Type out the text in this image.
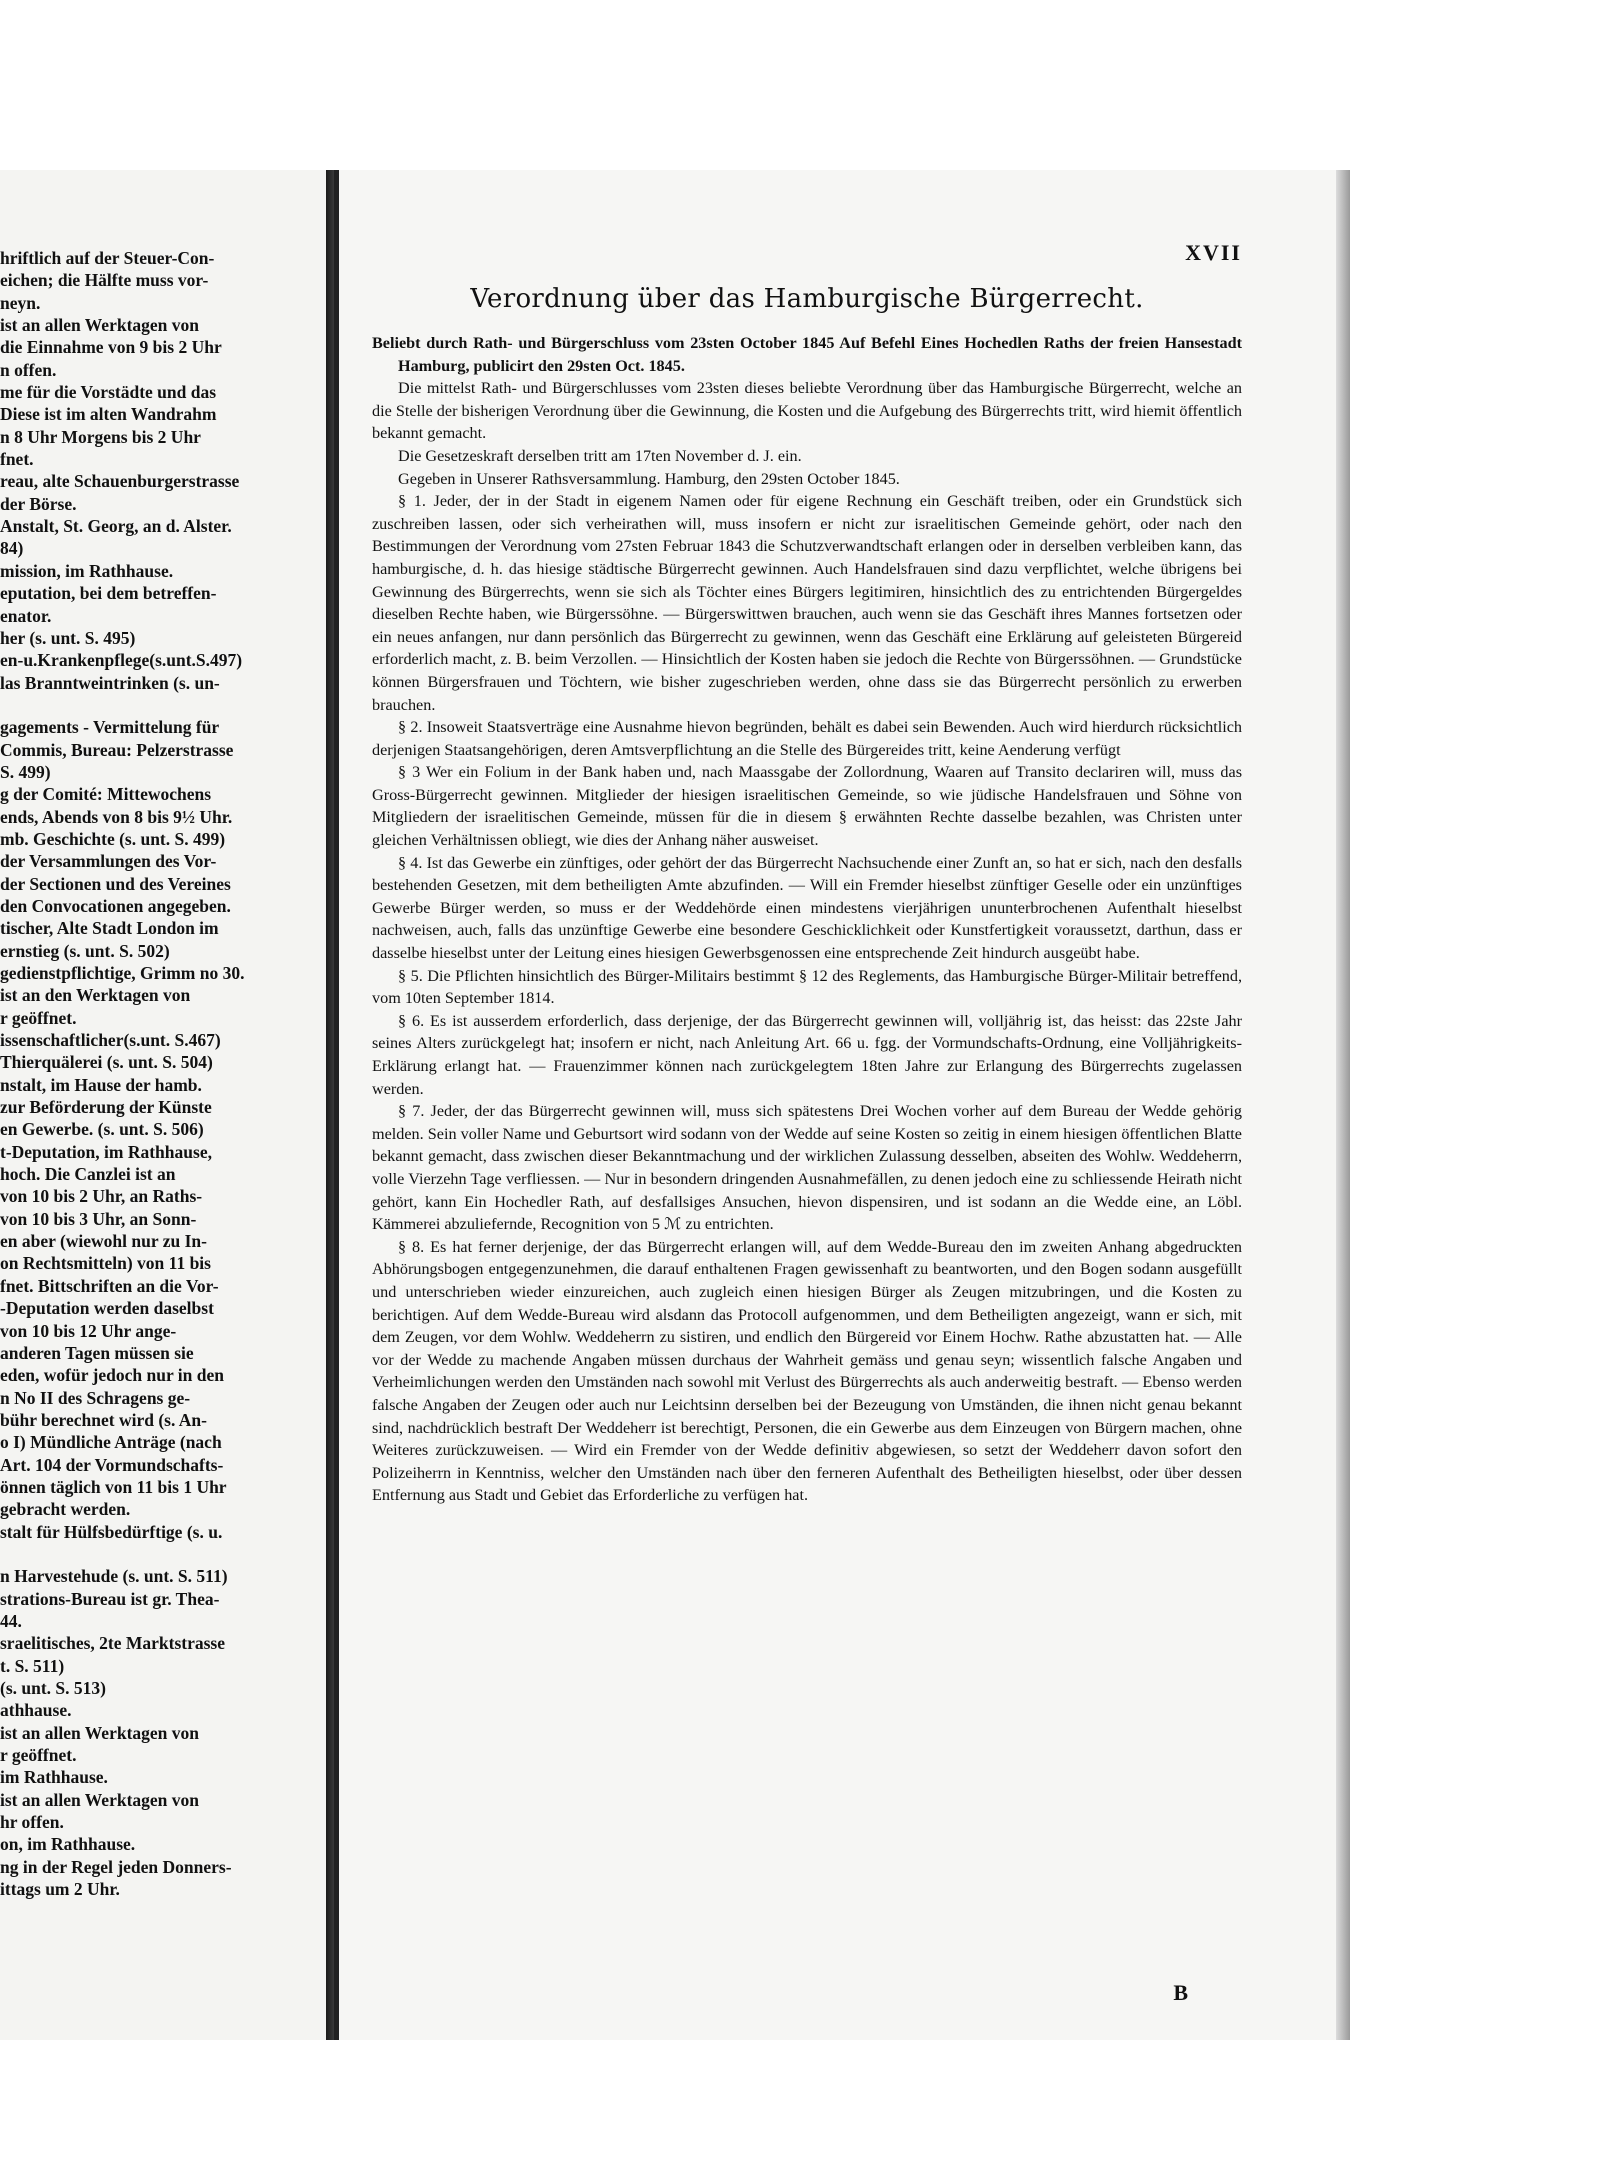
hriftlich auf der Steuer-Con-
eichen; die Hälfte muss vor-
neyn.
ist an allen Werktagen von
die Einnahme von 9 bis 2 Uhr
n offen.
me für die Vorstädte und das
Diese ist im alten Wandrahm
n 8 Uhr Morgens bis 2 Uhr
fnet.
reau, alte Schauenburgerstrasse
der Börse.
Anstalt, St. Georg, an d. Alster.
84)
mission, im Rathhause.
eputation, bei dem betreffen-
enator.
her (s. unt. S. 495)
en-u.Krankenpflege(s.unt.S.497)
las Branntweintrinken (s. un-

gagements - Vermittelung für
Commis, Bureau: Pelzerstrasse
S. 499)
g der Comité: Mittewochens
ends, Abends von 8 bis 9½ Uhr.
mb. Geschichte (s. unt. S. 499)
der Versammlungen des Vor-
der Sectionen und des Vereines
den Convocationen angegeben.
tischer, Alte Stadt London im
ernstieg (s. unt. S. 502)
gedienstpflichtige, Grimm no 30.
ist an den Werktagen von
r geöffnet.
issenschaftlicher(s.unt. S.467)
Thierquälerei (s. unt. S. 504)
nstalt, im Hause der hamb.
zur Beförderung der Künste
en Gewerbe. (s. unt. S. 506)
t-Deputation, im Rathhause,
hoch. Die Canzlei ist an
von 10 bis 2 Uhr, an Raths-
von 10 bis 3 Uhr, an Sonn-
en aber (wiewohl nur zu In-
on Rechtsmitteln) von 11 bis
fnet. Bittschriften an die Vor-
-Deputation werden daselbst
von 10 bis 12 Uhr ange-
anderen Tagen müssen sie
eden, wofür jedoch nur in den
n No II des Schragens ge-
bühr berechnet wird (s. An-
o I) Mündliche Anträge (nach
Art. 104 der Vormundschafts-
önnen täglich von 11 bis 1 Uhr
gebracht werden.
stalt für Hülfsbedürftige (s. u.

n Harvestehude (s. unt. S. 511)
strations-Bureau ist gr. Thea-
44.
sraelitisches, 2te Marktstrasse
t. S. 511)
(s. unt. S. 513)
athhause.
ist an allen Werktagen von
r geöffnet.
im Rathhause.
ist an allen Werktagen von
hr offen.
on, im Rathhause.
ng in der Regel jeden Donners-
ittags um 2 Uhr.
XVII
Verordnung über das Hamburgische Bürgerrecht.

Beliebt durch Rath- und Bürgerschluss vom 23sten October 1845 Auf Befehl Eines Hochedlen Raths der freien Hansestadt Hamburg, publicirt den 29sten Oct. 1845.

Die mittelst Rath- und Bürgerschlusses vom 23sten dieses beliebte Verordnung über das Hamburgische Bürgerrecht, welche an die Stelle der bisherigen Verordnung über die Gewinnung, die Kosten und die Aufgebung des Bürgerrechts tritt, wird hiemit öffentlich bekannt gemacht.

Die Gesetzeskraft derselben tritt am 17ten November d. J. ein.

Gegeben in Unserer Rathsversammlung. Hamburg, den 29sten October 1845.

§ 1. Jeder, der in der Stadt in eigenem Namen oder für eigene Rechnung ein Geschäft treiben, oder ein Grundstück sich zuschreiben lassen, oder sich verheirathen will, muss insofern er nicht zur israelitischen Gemeinde gehört, oder nach den Bestimmungen der Verordnung vom 27sten Februar 1843 die Schutzverwandtschaft erlangen oder in derselben verbleiben kann, das hamburgische, d. h. das hiesige städtische Bürgerrecht gewinnen. Auch Handelsfrauen sind dazu verpflichtet, welche übrigens bei Gewinnung des Bürgerrechts, wenn sie sich als Töchter eines Bürgers legitimiren, hinsichtlich des zu entrichtenden Bürgergeldes dieselben Rechte haben, wie Bürgerssöhne. — Bürgerswittwen brauchen, auch wenn sie das Geschäft ihres Mannes fortsetzen oder ein neues anfangen, nur dann persönlich das Bürgerrecht zu gewinnen, wenn das Geschäft eine Erklärung auf geleisteten Bürgereid erforderlich macht, z. B. beim Verzollen. — Hinsichtlich der Kosten haben sie jedoch die Rechte von Bürgerssöhnen. — Grundstücke können Bürgersfrauen und Töchtern, wie bisher zugeschrieben werden, ohne dass sie das Bürgerrecht persönlich zu erwerben brauchen.

§ 2. Insoweit Staatsverträge eine Ausnahme hievon begründen, behält es dabei sein Bewenden. Auch wird hierdurch rücksichtlich derjenigen Staatsangehörigen, deren Amtsverpflichtung an die Stelle des Bürgereides tritt, keine Aenderung verfügt

§ 3 Wer ein Folium in der Bank haben und, nach Maassgabe der Zollordnung, Waaren auf Transito declariren will, muss das Gross-Bürgerrecht gewinnen. Mitglieder der hiesigen israelitischen Gemeinde, so wie jüdische Handelsfrauen und Söhne von Mitgliedern der israelitischen Gemeinde, müssen für die in diesem § erwähnten Rechte dasselbe bezahlen, was Christen unter gleichen Verhältnissen obliegt, wie dies der Anhang näher ausweiset.

§ 4. Ist das Gewerbe ein zünftiges, oder gehört der das Bürgerrecht Nachsuchende einer Zunft an, so hat er sich, nach den desfalls bestehenden Gesetzen, mit dem betheiligten Amte abzufinden. — Will ein Fremder hieselbst zünftiger Geselle oder ein unzünftiges Gewerbe Bürger werden, so muss er der Weddehörde einen mindestens vierjährigen ununterbrochenen Aufenthalt hieselbst nachweisen, auch, falls das unzünftige Gewerbe eine besondere Geschicklichkeit oder Kunstfertigkeit voraussetzt, darthun, dass er dasselbe hieselbst unter der Leitung eines hiesigen Gewerbsgenossen eine entsprechende Zeit hindurch ausgeübt habe.

§ 5. Die Pflichten hinsichtlich des Bürger-Militairs bestimmt § 12 des Reglements, das Hamburgische Bürger-Militair betreffend, vom 10ten September 1814.

§ 6. Es ist ausserdem erforderlich, dass derjenige, der das Bürgerrecht gewinnen will, volljährig ist, das heisst: das 22ste Jahr seines Alters zurückgelegt hat; insofern er nicht, nach Anleitung Art. 66 u. fgg. der Vormundschafts-Ordnung, eine Volljährigkeits-Erklärung erlangt hat. — Frauenzimmer können nach zurückgelegtem 18ten Jahre zur Erlangung des Bürgerrechts zugelassen werden.

§ 7. Jeder, der das Bürgerrecht gewinnen will, muss sich spätestens Drei Wochen vorher auf dem Bureau der Wedde gehörig melden. Sein voller Name und Geburtsort wird sodann von der Wedde auf seine Kosten so zeitig in einem hiesigen öffentlichen Blatte bekannt gemacht, dass zwischen dieser Bekanntmachung und der wirklichen Zulassung desselben, abseiten des Wohlw. Weddeherrn, volle Vierzehn Tage verfliessen. — Nur in besondern dringenden Ausnahmefällen, zu denen jedoch eine zu schliessende Heirath nicht gehört, kann Ein Hochedler Rath, auf desfallsiges Ansuchen, hievon dispensiren, und ist sodann an die Wedde eine, an Löbl. Kämmerei abzuliefernde, Recognition von 5 ℳ zu entrichten.

§ 8. Es hat ferner derjenige, der das Bürgerrecht erlangen will, auf dem Wedde-Bureau den im zweiten Anhang abgedruckten Abhörungsbogen entgegenzunehmen, die darauf enthaltenen Fragen gewissenhaft zu beantworten, und den Bogen sodann ausgefüllt und unterschrieben wieder einzureichen, auch zugleich einen hiesigen Bürger als Zeugen mitzubringen, und die Kosten zu berichtigen. Auf dem Wedde-Bureau wird alsdann das Protocoll aufgenommen, und dem Betheiligten angezeigt, wann er sich, mit dem Zeugen, vor dem Wohlw. Weddeherrn zu sistiren, und endlich den Bürgereid vor Einem Hochw. Rathe abzustatten hat. — Alle vor der Wedde zu machende Angaben müssen durchaus der Wahrheit gemäss und genau seyn; wissentlich falsche Angaben und Verheimlichungen werden den Umständen nach sowohl mit Verlust des Bürgerrechts als auch anderweitig bestraft. — Ebenso werden falsche Angaben der Zeugen oder auch nur Leichtsinn derselben bei der Bezeugung von Umständen, die ihnen nicht genau bekannt sind, nachdrücklich bestraft Der Weddeherr ist berechtigt, Personen, die ein Gewerbe aus dem Einzeugen von Bürgern machen, ohne Weiteres zurückzuweisen. — Wird ein Fremder von der Wedde definitiv abgewiesen, so setzt der Weddeherr davon sofort den Polizeiherrn in Kenntniss, welcher den Umständen nach über den ferneren Aufenthalt des Betheiligten hieselbst, oder über dessen Entfernung aus Stadt und Gebiet das Erforderliche zu verfügen hat.

B
